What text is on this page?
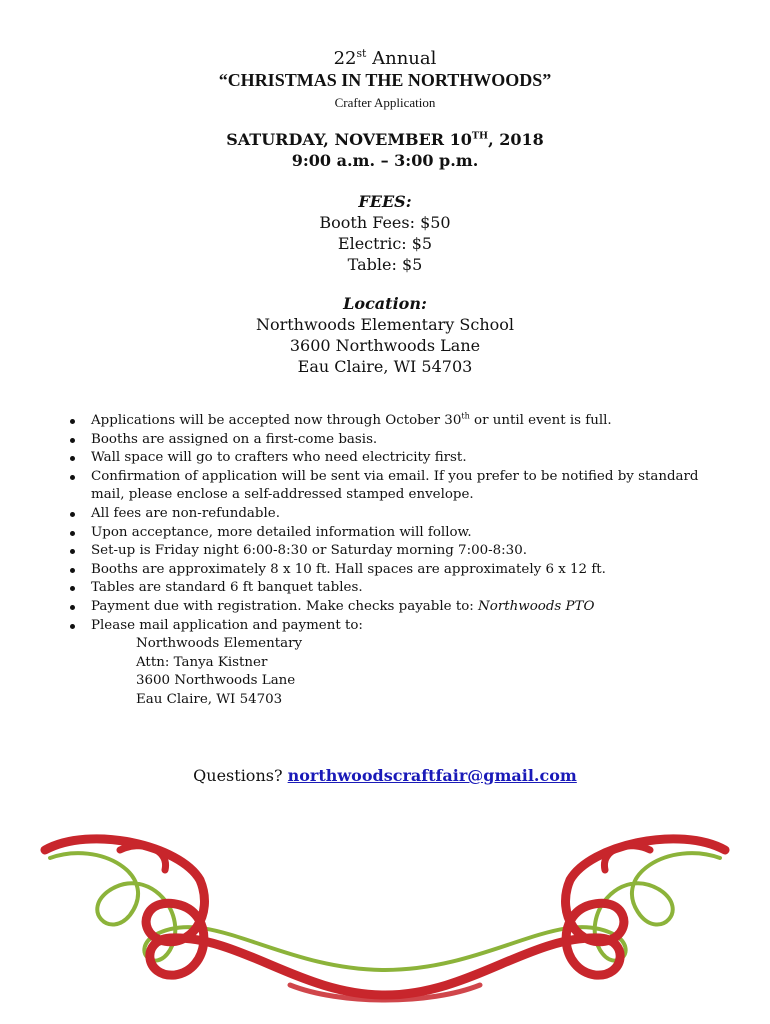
22st Annual
“CHRISTMAS IN THE NORTHWOODS”
Crafter Application
SATURDAY, NOVEMBER 10TH, 2018
9:00 a.m. – 3:00 p.m.
FEES:
Booth Fees: $50
Electric: $5
Table: $5
Location:
Northwoods Elementary School
3600 Northwoods Lane
Eau Claire, WI 54703
Applications will be accepted now through October 30th or until event is full.
Booths are assigned on a first-come basis.
Wall space will go to crafters who need electricity first.
Confirmation of application will be sent via email. If you prefer to be notified by standard mail, please enclose a self-addressed stamped envelope.
All fees are non-refundable.
Upon acceptance, more detailed information will follow.
Set-up is Friday night 6:00-8:30 or Saturday morning 7:00-8:30.
Booths are approximately 8 x 10 ft. Hall spaces are approximately 6 x 12 ft.
Tables are standard 6 ft banquet tables.
Payment due with registration. Make checks payable to: Northwoods PTO
Please mail application and payment to:
Northwoods Elementary
Attn: Tanya Kistner
3600 Northwoods Lane
Eau Claire, WI 54703
Questions? northwoodscraftfair@gmail.com
